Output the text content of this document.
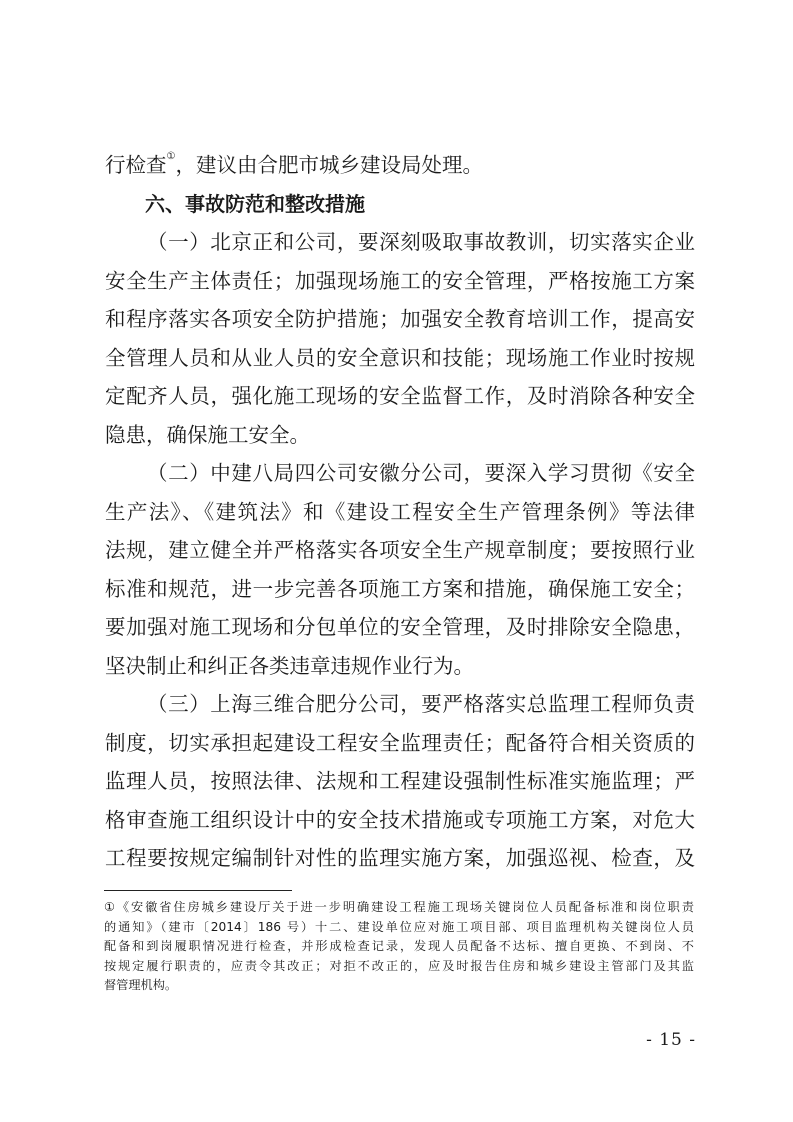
行检查①，建议由合肥市城乡建设局处理。
六、事故防范和整改措施
（一）北京正和公司，要深刻吸取事故教训，切实落实企业
安全生产主体责任；加强现场施工的安全管理，严格按施工方案
和程序落实各项安全防护措施；加强安全教育培训工作，提高安
全管理人员和从业人员的安全意识和技能；现场施工作业时按规
定配齐人员，强化施工现场的安全监督工作，及时消除各种安全
隐患，确保施工安全。
（二）中建八局四公司安徽分公司，要深入学习贯彻《安全
生产法》、《建筑法》和《建设工程安全生产管理条例》等法律
法规，建立健全并严格落实各项安全生产规章制度；要按照行业
标准和规范，进一步完善各项施工方案和措施，确保施工安全；
要加强对施工现场和分包单位的安全管理，及时排除安全隐患，
坚决制止和纠正各类违章违规作业行为。
（三）上海三维合肥分公司，要严格落实总监理工程师负责
制度，切实承担起建设工程安全监理责任；配备符合相关资质的
监理人员，按照法律、法规和工程建设强制性标准实施监理；严
格审查施工组织设计中的安全技术措施或专项施工方案，对危大
工程要按规定编制针对性的监理实施方案，加强巡视、检查，及
①《安徽省住房城乡建设厅关于进一步明确建设工程施工现场关键岗位人员配备标准和岗位职责
的通知》（建市〔2014〕186 号）十二、建设单位应对施工项目部、项目监理机构关键岗位人员
配备和到岗履职情况进行检查，并形成检查记录，发现人员配备不达标、擅自更换、不到岗、不
按规定履行职责的，应责令其改正；对拒不改正的，应及时报告住房和城乡建设主管部门及其监
督管理机构。
- 15 -
